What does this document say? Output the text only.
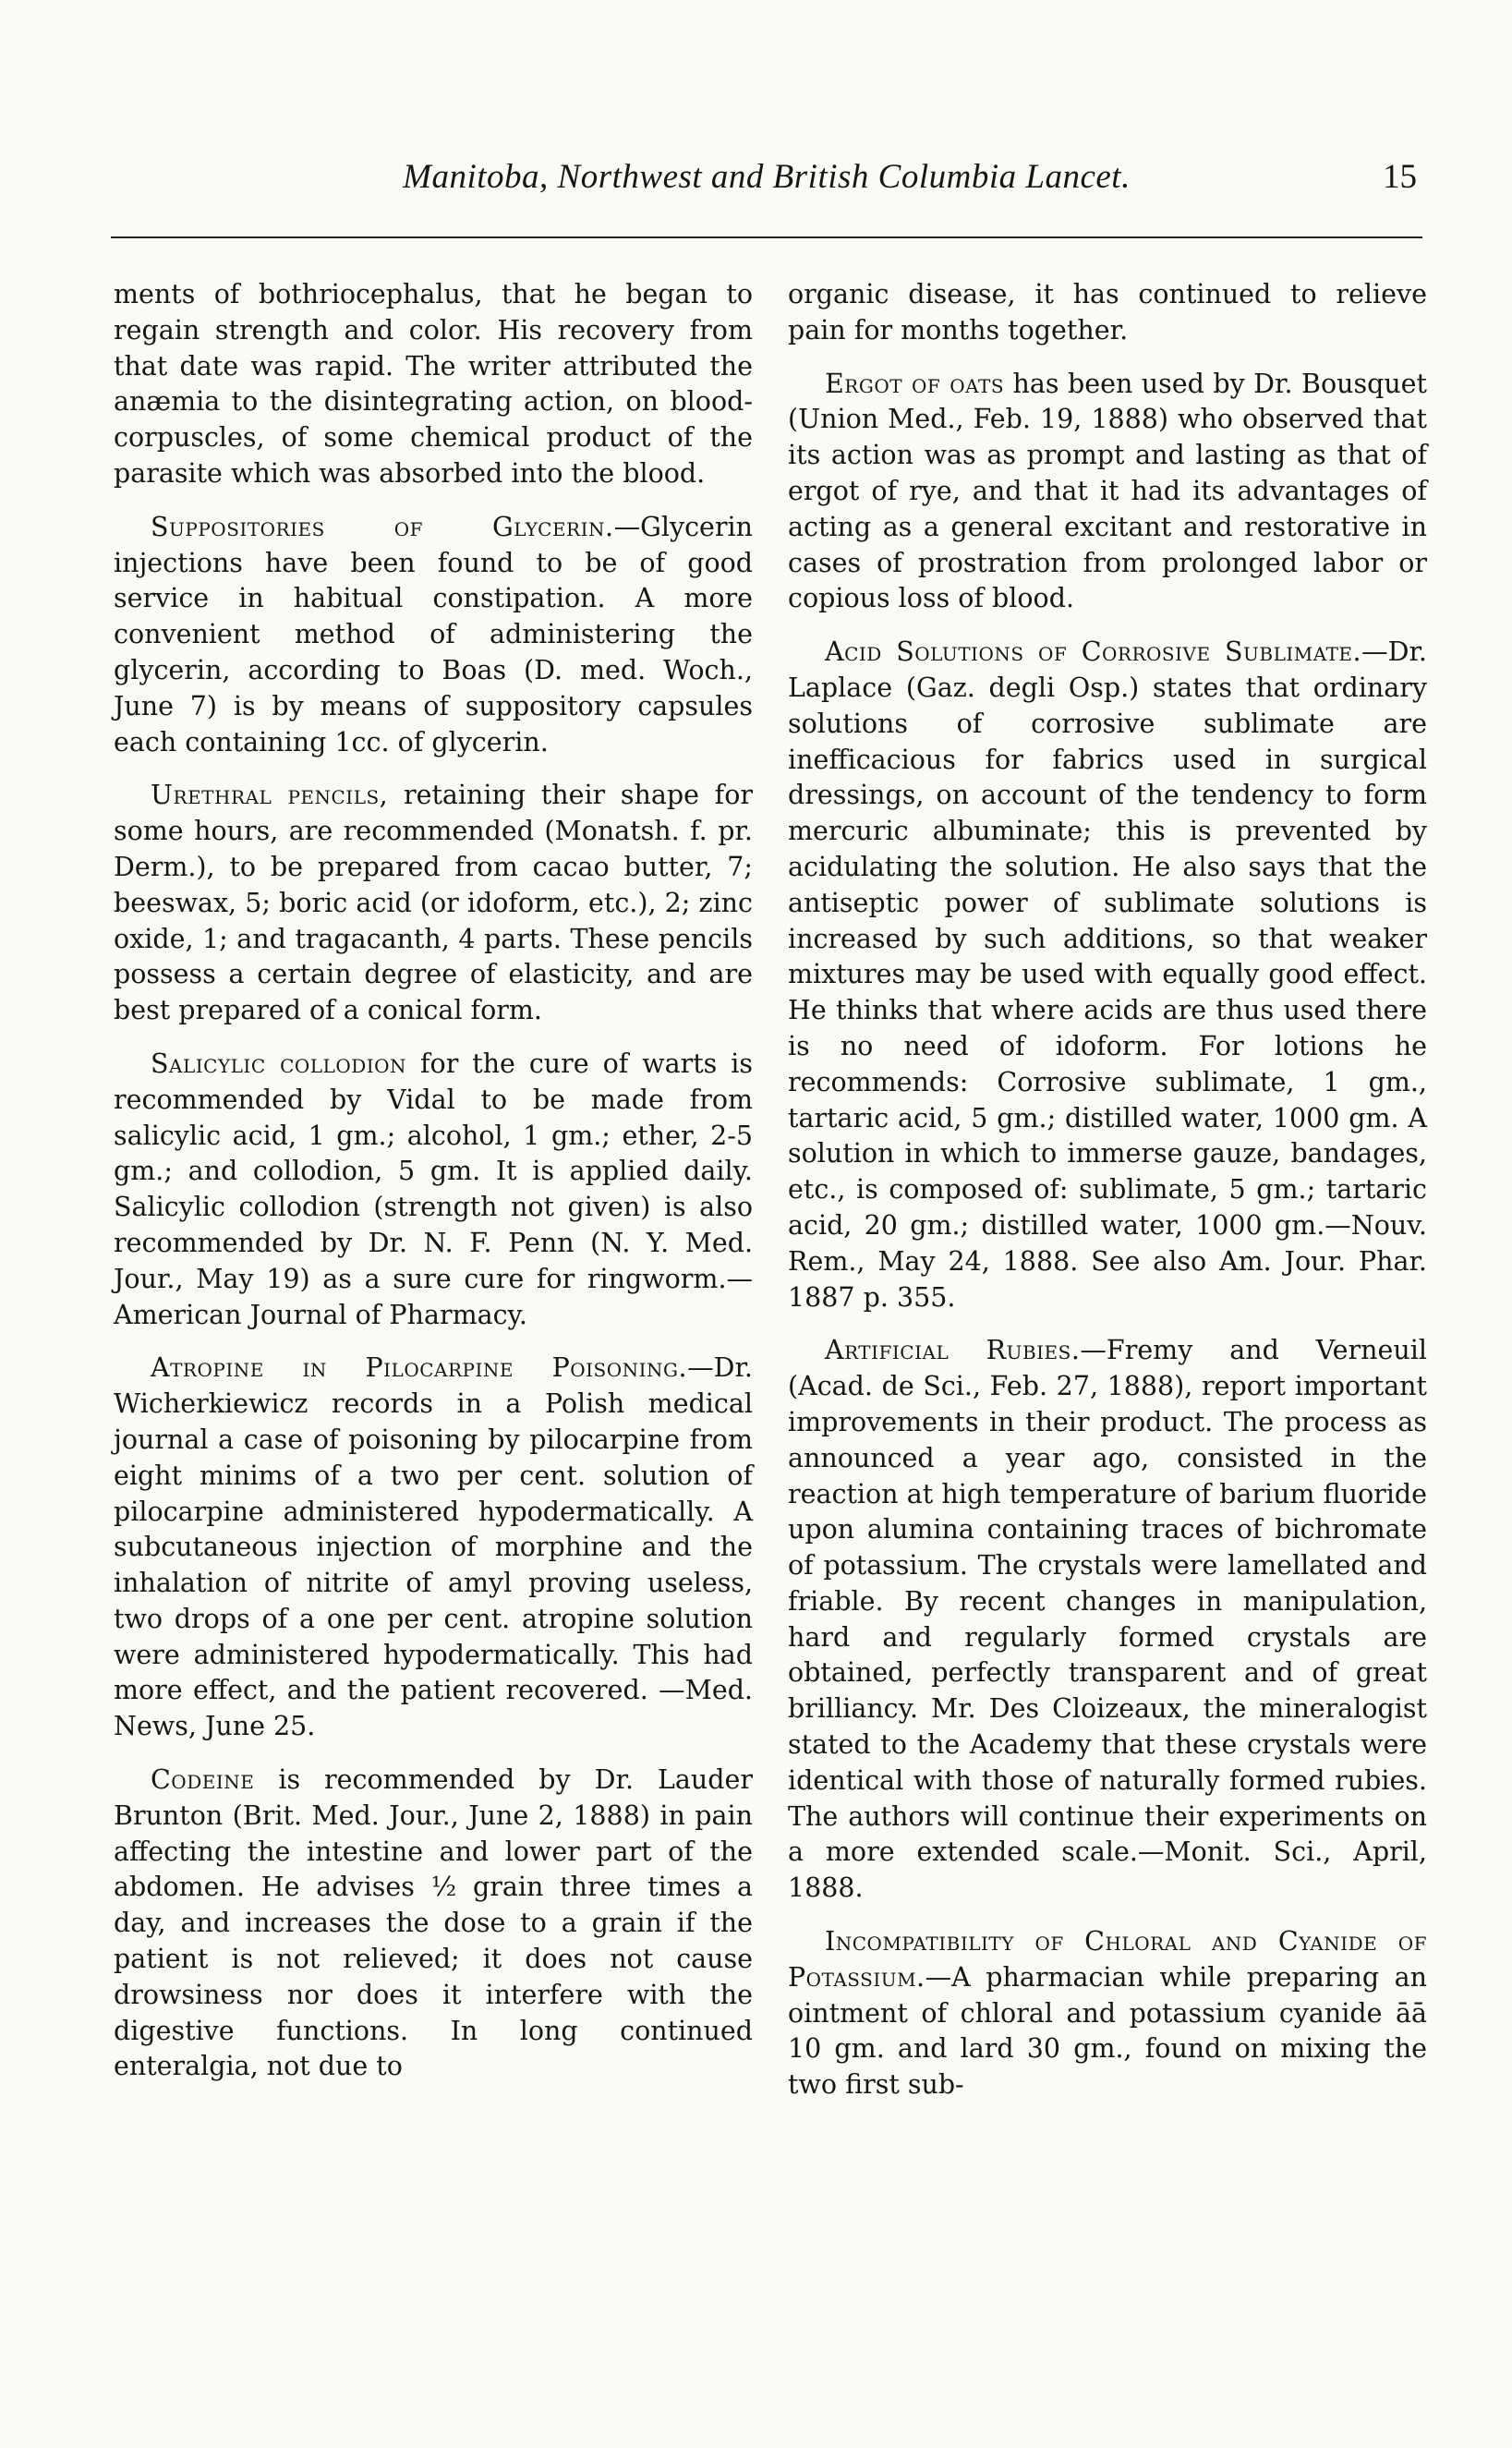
Manitoba, Northwest and British Columbia Lancet.	15

ments of bothriocephalus, that he began to regain strength and color. His recovery from that date was rapid. The writer attributed the anæmia to the disintegrating action, on blood-corpuscles, of some chemical product of the parasite which was absorbed into the blood.

Suppositories of Glycerin.—Glycerin injections have been found to be of good service in habitual constipation. A more convenient method of administering the glycerin, according to Boas (D. med. Woch., June 7) is by means of suppository capsules each containing 1cc. of glycerin.

Urethral pencils, retaining their shape for some hours, are recommended (Monatsh. f. pr. Derm.), to be prepared from cacao butter, 7; beeswax, 5; boric acid (or idoform, etc.), 2; zinc oxide, 1; and tragacanth, 4 parts. These pencils possess a certain degree of elasticity, and are best prepared of a conical form.

Salicylic collodion for the cure of warts is recommended by Vidal to be made from salicylic acid, 1 gm.; alcohol, 1 gm.; ether, 2-5 gm.; and collodion, 5 gm. It is applied daily. Salicylic collodion (strength not given) is also recommended by Dr. N. F. Penn (N. Y. Med. Jour., May 19) as a sure cure for ringworm.—American Journal of Pharmacy.

Atropine in Pilocarpine Poisoning.—Dr. Wicherkiewicz records in a Polish medical journal a case of poisoning by pilocarpine from eight minims of a two per cent. solution of pilocarpine administered hypodermatically. A subcutaneous injection of morphine and the inhalation of nitrite of amyl proving useless, two drops of a one per cent. atropine solution were administered hypodermatically. This had more effect, and the patient recovered. —Med. News, June 25.

Codeine is recommended by Dr. Lauder Brunton (Brit. Med. Jour., June 2, 1888) in pain affecting the intestine and lower part of the abdomen. He advises ½ grain three times a day, and increases the dose to a grain if the patient is not relieved; it does not cause drowsiness nor does it interfere with the digestive functions. In long continued enteralgia, not due to

organic disease, it has continued to relieve pain for months together.

Ergot of oats has been used by Dr. Bousquet (Union Med., Feb. 19, 1888) who observed that its action was as prompt and lasting as that of ergot of rye, and that it had its advantages of acting as a general excitant and restorative in cases of prostration from prolonged labor or copious loss of blood.

Acid Solutions of Corrosive Sublimate.—Dr. Laplace (Gaz. degli Osp.) states that ordinary solutions of corrosive sublimate are inefficacious for fabrics used in surgical dressings, on account of the tendency to form mercuric albuminate; this is prevented by acidulating the solution. He also says that the antiseptic power of sublimate solutions is increased by such additions, so that weaker mixtures may be used with equally good effect. He thinks that where acids are thus used there is no need of idoform. For lotions he recommends: Corrosive sublimate, 1 gm., tartaric acid, 5 gm.; distilled water, 1000 gm. A solution in which to immerse gauze, bandages, etc., is composed of: sublimate, 5 gm.; tartaric acid, 20 gm.; distilled water, 1000 gm.—Nouv. Rem., May 24, 1888. See also Am. Jour. Phar. 1887 p. 355.

Artificial Rubies.—Fremy and Verneuil (Acad. de Sci., Feb. 27, 1888), report important improvements in their product. The process as announced a year ago, consisted in the reaction at high temperature of barium fluoride upon alumina containing traces of bichromate of potassium. The crystals were lamellated and friable. By recent changes in manipulation, hard and regularly formed crystals are obtained, perfectly transparent and of great brilliancy. Mr. Des Cloizeaux, the mineralogist stated to the Academy that these crystals were identical with those of naturally formed rubies. The authors will continue their experiments on a more extended scale.—Monit. Sci., April, 1888.

Incompatibility of Chloral and Cyanide of Potassium.—A pharmacian while preparing an ointment of chloral and potassium cyanide āā 10 gm. and lard 30 gm., found on mixing the two first sub-
